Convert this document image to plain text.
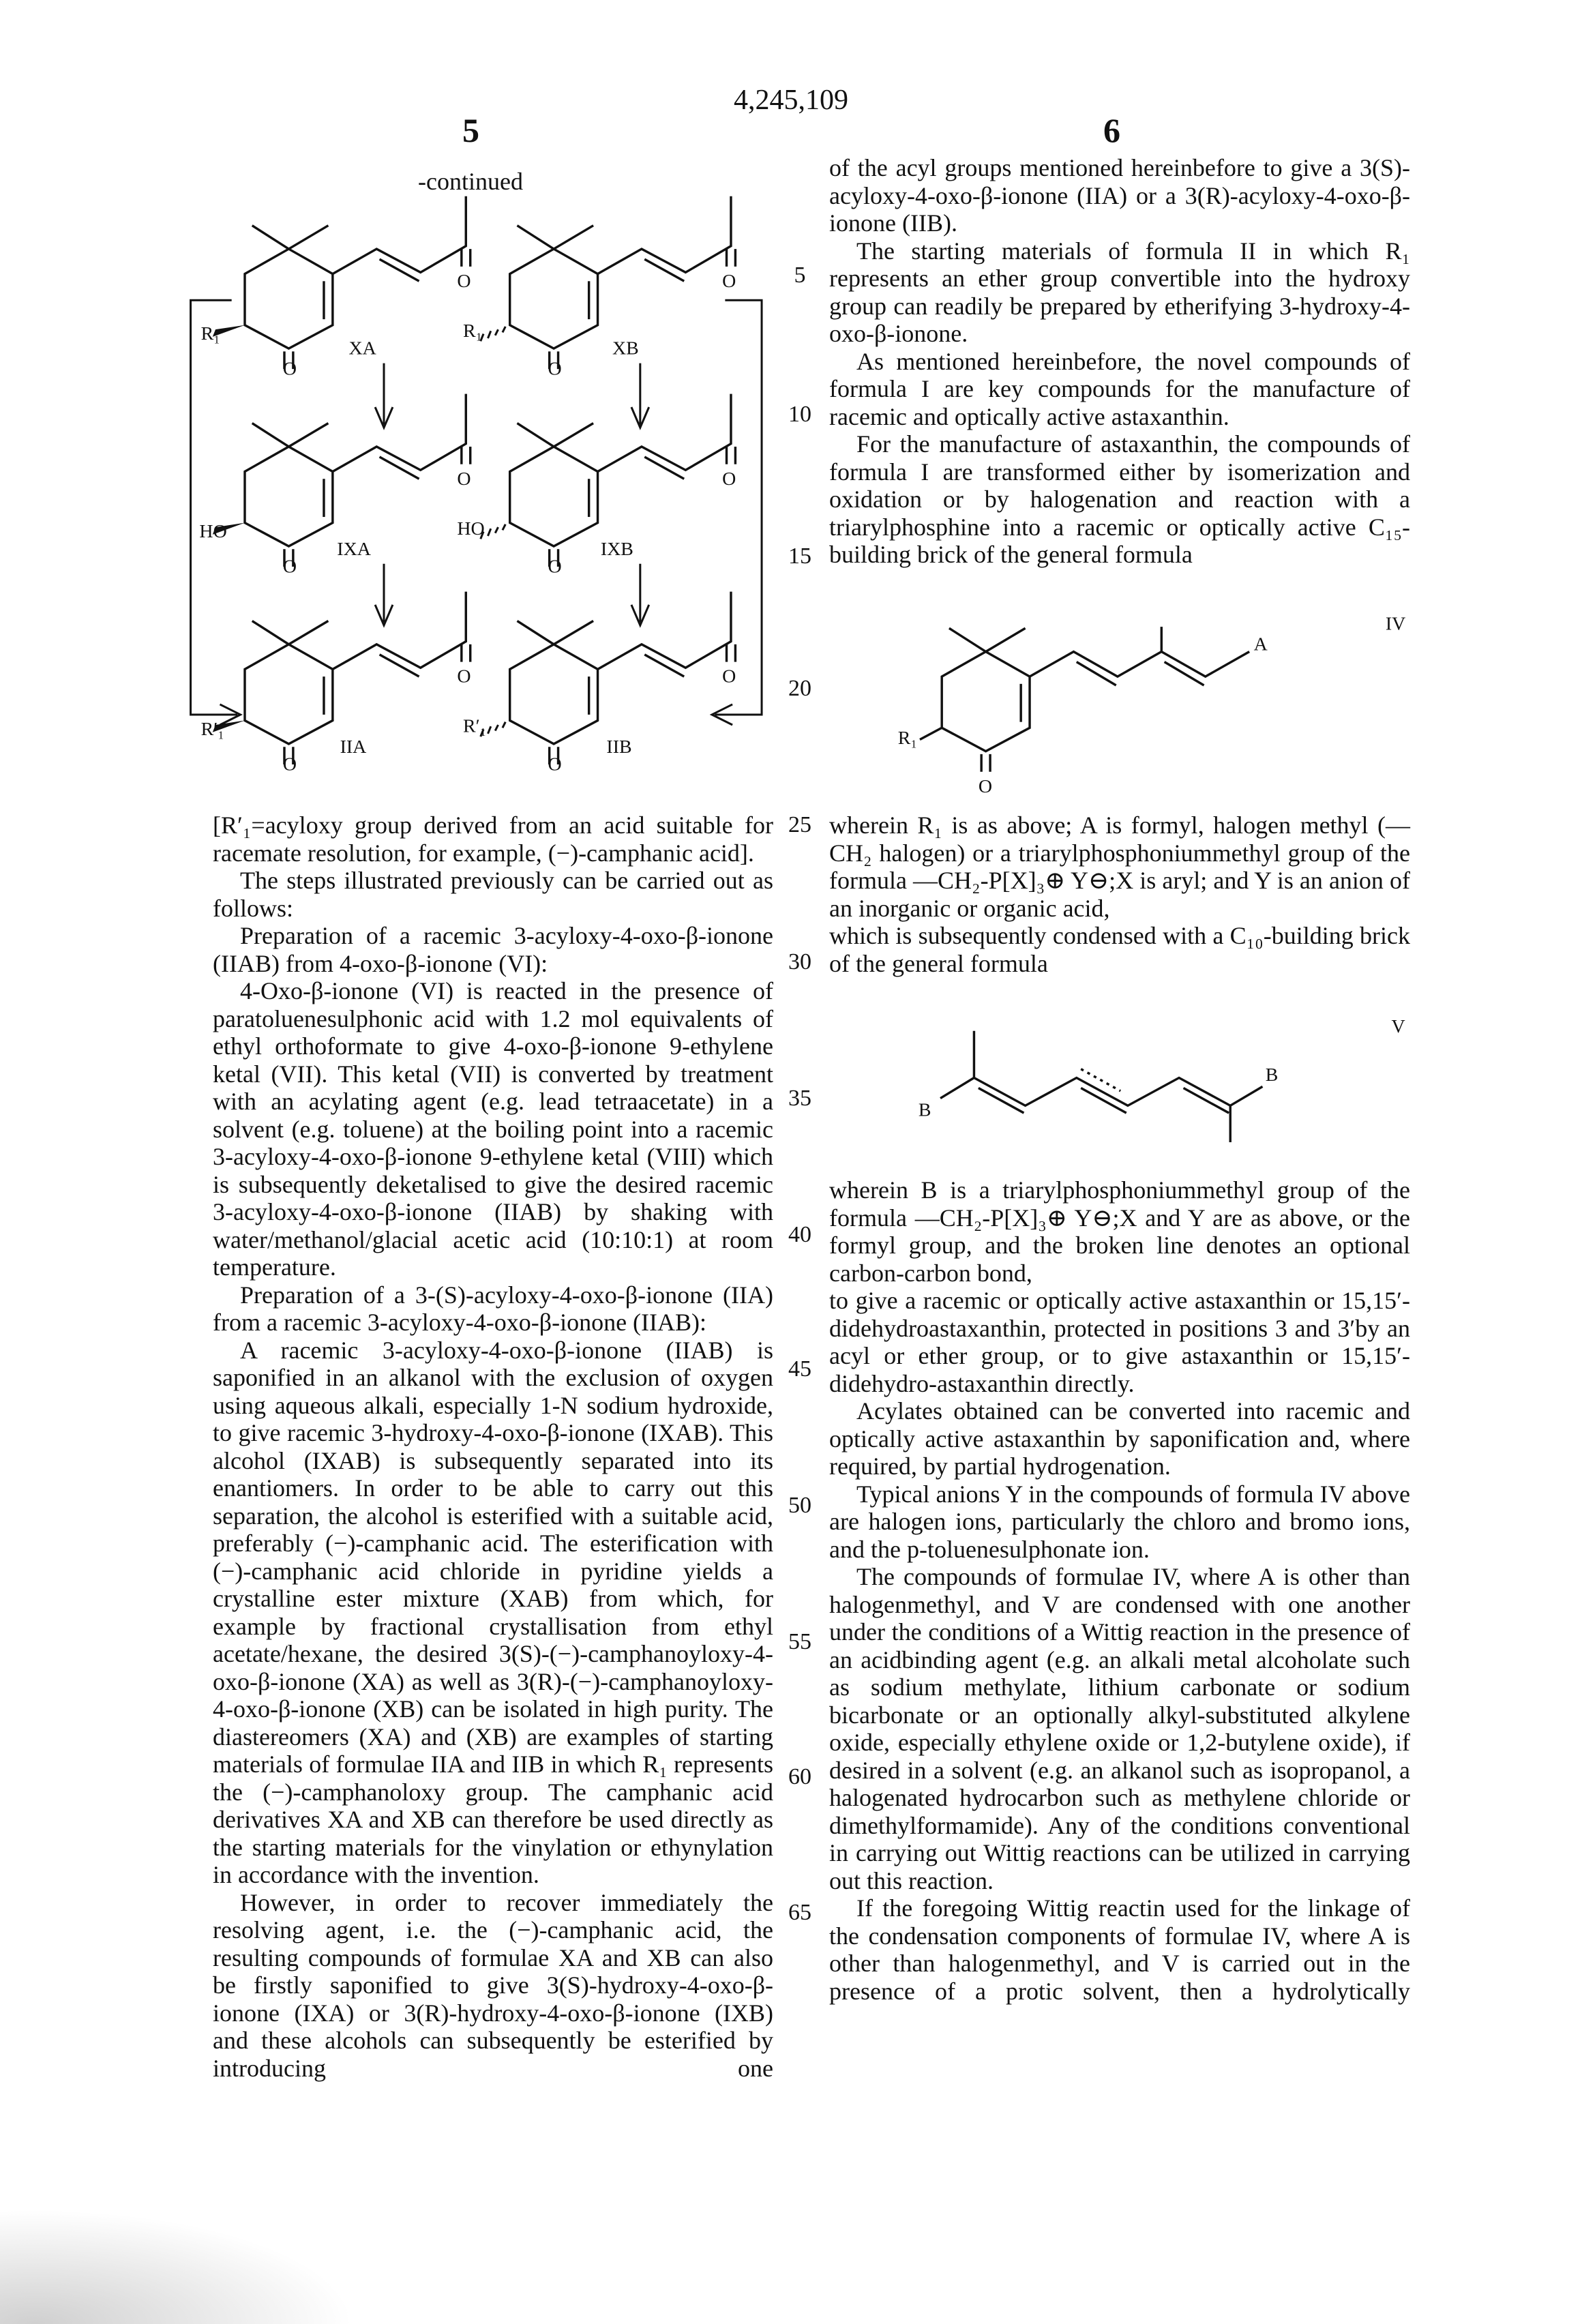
4,245,109
5	6
-continued
O	O
O	O
O	O
O	O
O	O
O	O
XA	XB
IXA	IXB
IIA	IIB
R₁	R₁
HO	HO
R′₁	R′₁
A
R₁
O
IV
B
B
V
5
10
15
20
25
30
35
40
45
50
55
60
65

[R′₁=acyloxy group derived from an acid suitable for racemate resolution, for example, (−)-camphanic acid].

The steps illustrated previously can be carried out as follows:

Preparation of a racemic 3-acyloxy-4-oxo-β-ionone (IIAB) from 4-oxo-β-ionone (VI):

4-Oxo-β-ionone (VI) is reacted in the presence of paratoluenesulphonic acid with 1.2 mol equivalents of ethyl orthoformate to give 4-oxo-β-ionone 9-ethylene ketal (VII). This ketal (VII) is converted by treatment with an acylating agent (e.g. lead tetraacetate) in a solvent (e.g. toluene) at the boiling point into a racemic 3-acyloxy-4-oxo-β-ionone 9-ethylene ketal (VIII) which is subsequently deketalised to give the desired racemic 3-acyloxy-4-oxo-β-ionone (IIAB) by shaking with water/methanol/glacial acetic acid (10:10:1) at room temperature.

Preparation of a 3-(S)-acyloxy-4-oxo-β-ionone (IIA) from a racemic 3-acyloxy-4-oxo-β-ionone (IIAB):

A racemic 3-acyloxy-4-oxo-β-ionone (IIAB) is saponified in an alkanol with the exclusion of oxygen using aqueous alkali, especially 1-N sodium hydroxide, to give racemic 3-hydroxy-4-oxo-β-ionone (IXAB). This alcohol (IXAB) is subsequently separated into its enantiomers. In order to be able to carry out this separation, the alcohol is esterified with a suitable acid, preferably (−)-camphanic acid. The esterification with (−)-camphanic acid chloride in pyridine yields a crystalline ester mixture (XAB) from which, for example by fractional crystallisation from ethyl acetate/hexane, the desired 3(S)-(−)-camphanoyloxy-4-oxo-β-ionone (XA) as well as 3(R)-(−)-camphanoyloxy-4-oxo-β-ionone (XB) can be isolated in high purity. The diastereomers (XA) and (XB) are examples of starting materials of formulae IIA and IIB in which R₁ represents the (−)-camphanoloxy group. The camphanic acid derivatives XA and XB can therefore be used directly as the starting materials for the vinylation or ethynylation in accordance with the invention.

However, in order to recover immediately the resolving agent, i.e. the (−)-camphanic acid, the resulting compounds of formulae XA and XB can also be firstly saponified to give 3(S)-hydroxy-4-oxo-β-ionone (IXA) or 3(R)-hydroxy-4-oxo-β-ionone (IXB) and these alcohols can subsequently be esterified by introducing one

of the acyl groups mentioned hereinbefore to give a 3(S)-acyloxy-4-oxo-β-ionone (IIA) or a 3(R)-acyloxy-4-oxo-β-ionone (IIB).

The starting materials of formula II in which R₁ represents an ether group convertible into the hydroxy group can readily be prepared by etherifying 3-hydroxy-4-oxo-β-ionone.

As mentioned hereinbefore, the novel compounds of formula I are key compounds for the manufacture of racemic and optically active astaxanthin.

For the manufacture of astaxanthin, the compounds of formula I are transformed either by isomerization and oxidation or by halogenation and reaction with a triarylphosphine into a racemic or optically active C₁₅-building brick of the general formula

wherein R₁ is as above; A is formyl, halogen methyl (—CH₂ halogen) or a triarylphosphoniummethyl group of the formula —CH₂-P[X]₃⊕ Y⊖;X is aryl; and Y is an anion of an inorganic or organic acid,

which is subsequently condensed with a C₁₀-building brick of the general formula

wherein B is a triarylphosphoniummethyl group of the formula —CH₂-P[X]₃⊕ Y⊖;X and Y are as above, or the formyl group, and the broken line denotes an optional carbon-carbon bond,

to give a racemic or optically active astaxanthin or 15,15′-didehydroastaxanthin, protected in positions 3 and 3′by an acyl or ether group, or to give astaxanthin or 15,15′-didehydro-astaxanthin directly.

Acylates obtained can be converted into racemic and optically active astaxanthin by saponification and, where required, by partial hydrogenation.

Typical anions Y in the compounds of formula IV above are halogen ions, particularly the chloro and bromo ions, and the p-toluenesulphonate ion.

The compounds of formulae IV, where A is other than halogenmethyl, and V are condensed with one another under the conditions of a Wittig reaction in the presence of an acidbinding agent (e.g. an alkali metal alcoholate such as sodium methylate, lithium carbonate or sodium bicarbonate or an optionally alkyl-substituted alkylene oxide, especially ethylene oxide or 1,2-butylene oxide), if desired in a solvent (e.g. an alkanol such as isopropanol, a halogenated hydrocarbon such as methylene chloride or dimethylformamide). Any of the conditions conventional in carrying out Wittig reactions can be utilized in carrying out this reaction.

If the foregoing Wittig reactin used for the linkage of the condensation components of formulae IV, where A is other than halogenmethyl, and V is carried out in the presence of a protic solvent, then a hydrolytically
